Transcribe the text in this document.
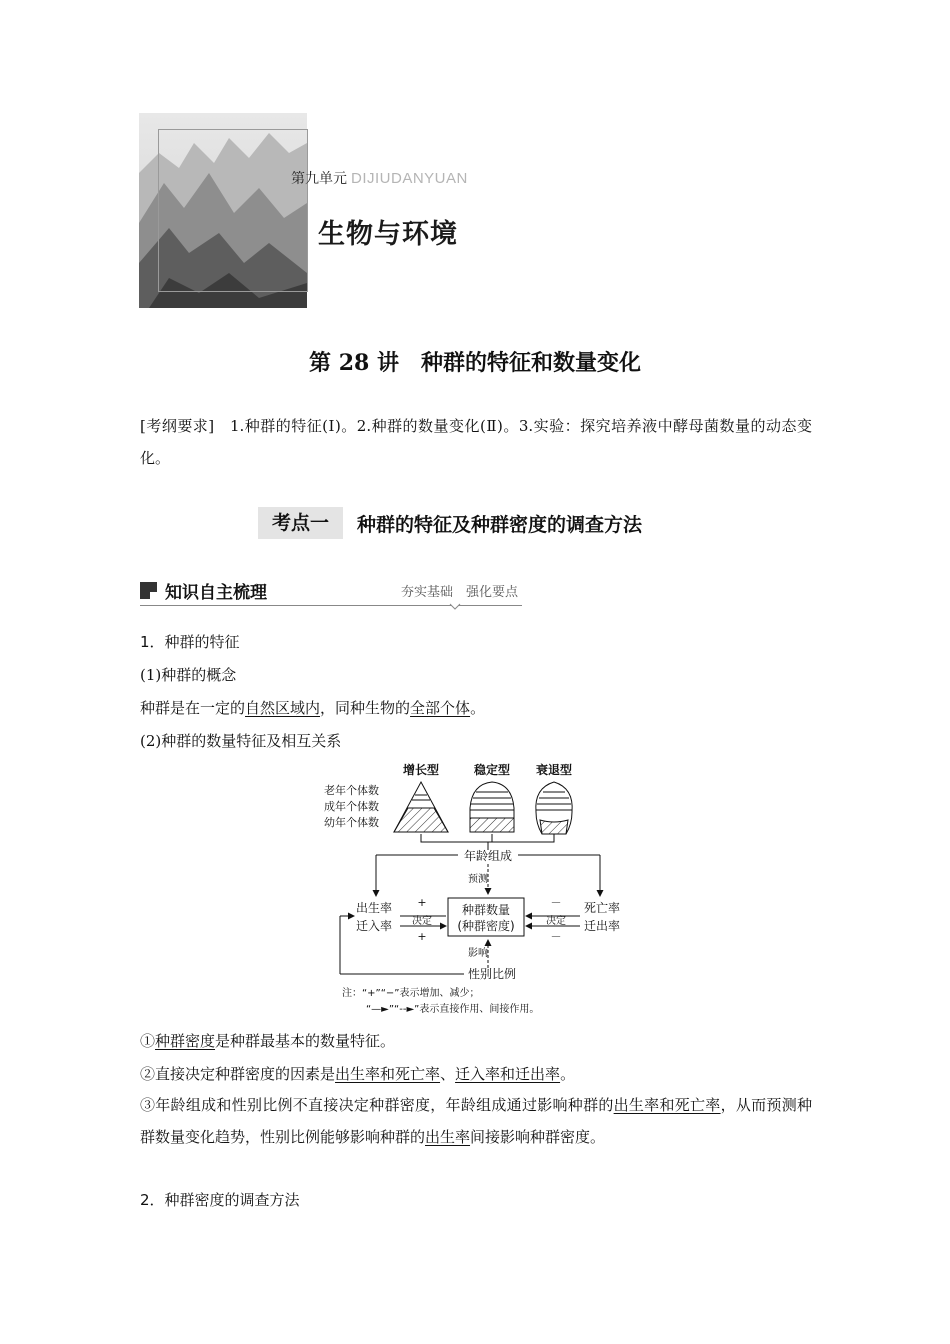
第九单元 DIJIUDANYUAN
生物与环境
第 28 讲　种群的特征和数量变化
[考纲要求] 1.种群的特征(Ⅰ)。2.种群的数量变化(Ⅱ)。3.实验：探究培养液中酵母菌数量的动态变化。
考点一	种群的特征及种群密度的调查方法
知识自主梳理	夯实基础　强化要点
1．种群的特征
(1)种群的概念
种群是在一定的自然区域内，同种生物的全部个体。
(2)种群的数量特征及相互关系
增长型	稳定型 衰退型
老年个体数
成年个体数
幼年个体数
年龄组成
预测
种群数量
(种群密度)
出生率
迁入率 决定
+
+
死亡率
迁出率
决定
－
－
影响
性别比例
注：“+”“−”表示增加、减少；
“—►”“--►”表示直接作用、间接作用。
①种群密度是种群最基本的数量特征。
②直接决定种群密度的因素是出生率和死亡率、迁入率和迁出率。
③年龄组成和性别比例不直接决定种群密度，年龄组成通过影响种群的出生率和死亡率，从而预测种群数量变化趋势，性别比例能够影响种群的出生率间接影响种群密度。
2．种群密度的调查方法
